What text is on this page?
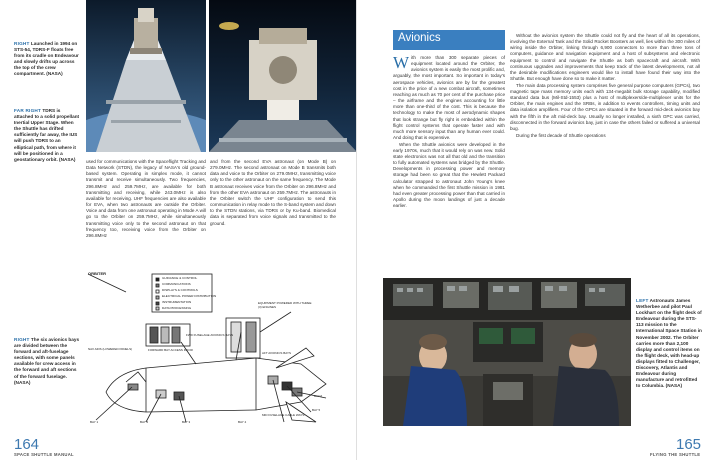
RIGHT Launched in 1994 on STS-54, TDRS-F floats free from its cradle on Endeavour and slowly drifts up across the top of the crew compartment. (NASA)
FAR RIGHT TDRS is attached to a solid propellant Inertial Upper Stage. When the Shuttle has drifted sufficiently far away, the IUS will push TDRS to an elliptical path, from where it will be positioned in a geostationary orbit. (NASA)	used for communications with the Spaceflight Tracking and Data Network (STDN), the legacy of NASA's old ground-based system. Operating in simplex mode, it cannot transmit and receive simultaneously. Two frequencies, 296.8MHz and 259.7MHz, are available for both transmitting and receiving, while 243.0MHz is also available for receiving. UHF frequencies are also available for EVA, when two astronauts are outside the Orbiter. Voice and data from one astronaut operating in Mode A will go to the Orbiter on 259.7MHz, while simultaneously transmitting voice only to the second astronaut on that frequency too, receiving voice from the Orbiter on 296.8MHz

and from the second EVA astronaut (on Mode B) on 279.0MHz. The second astronaut on Mode B transmits both data and voice to the Orbiter on 279.0MHz, transmitting voice only to the other astronaut on the same frequency. The Mode B astronaut receives voice from the Orbiter on 296.8MHz and from the other EVA astronaut on 259.7MHz. The astronauts in the Orbiter switch the UHF configuration to send this communication in relay mode to the S-band system and down to the STDN stations, via TDRS or by Ku-band. Biomedical data is separated from voice signals and transmitted to the ground.

RIGHT The six avionics bays are divided between the forward and aft-fuselage sections, with some panels available for crew access in the forward and aft sections of the forward fuselage. (NASA)
ORBITER
GUIDANCE & CONTROL
COMMUNICATIONS
DISPLAYS & CONTROLS
ELECTRICAL POWER DISTRIBUTION
INSTRUMENTATION
DATA PROCESSING
EQUIPMENT POWERED WITH THREE (3) ENGINES
AFT AVIONICS BAYS
NAV AIDS (LOWERED PANELS)	FORWARD BAY ACCESS DOOR
FWD FUSELAGE AVIONICS BAYS
MID FUSELAGE CABLE WAYS
BAY 1	BAY 2	BAY 3	BAY 4
BAY 5
BAY 6
164
SPACE SHUTTLE MANUAL
Avionics

With more than 300 separate pieces of equipment located around the Orbiter, the avionics system is easily the most prolific and, arguably, the most important. So important in today's aerospace vehicles, avionics are by far the greatest cost in the price of a new combat aircraft, sometimes reaching as much as 70 per cent of the purchase price – the airframe and the engines accounting for little more than one-third of the cost. This is because the technology to make the most of aerodynamic shapes that look strange but fly right is embedded within the flight control systems that operate faster and with much more sensory input than any human ever could. And doing that is expensive.

When the Shuttle avionics were developed in the early 1970s, much that it would rely on was new. Solid state electronics was not all that old and the transition to fully automated systems was bridged by the Shuttle. Developments in processing power and memory storage had been so great that the Hewlett Packard calculator strapped to astronaut John Young's knee when he commanded the first Shuttle mission in 1981 had even greater processing power than that carried in Apollo during the moon landings of just a decade earlier.

Without the avionics system the Shuttle could not fly and the heart of all its operations, involving the External Tank and the Solid Rocket Boosters as well, lies within the 300 miles of wiring inside the Orbiter, linking through 6,900 connectors to more than three tons of computers, guidance and navigation equipment and a host of subsystems and electronic equipment to control and navigate the Shuttle as both spacecraft and aircraft. With continuous upgrades and improvements that keep track of the latest developments, not all the desirable modifications engineers would like to install have found their way into the Shuttle. But enough have done so to make it matter.

The main data processing system comprises five general purpose computers (GPCs), two magnetic tape mass memory units each with 134-megabit bulk storage capability, modified standard data bus (Mil-Std-1553) plus a host of multiplexers/de-multiplexer units for the Orbiter, the main engines and the SRBs, in addition to events controllers, timing units and data isolation amplifiers. Four of the GPCs are situated in the forward mid-deck avionics bay with the fifth in the aft mid-deck bay. Usually no longer installed, a sixth GPC was carried, disconnected in the forward avionics bay, just in case the others failed or suffered a universal bug.

During the first decade of Shuttle operations

LEFT Astronauts James Wetherbee and pilot Paul Lockhart on the flight deck of Endeavour during the STS-113 mission to the International Space Station in November 2002. The Orbiter carries more than 2,100 display and control items on the flight deck, with head-up displays fitted to Challenger, Discovery, Atlantis and Endeavour during manufacture and retrofitted to Columbia. (NASA)
165
FLYING THE SHUTTLE
